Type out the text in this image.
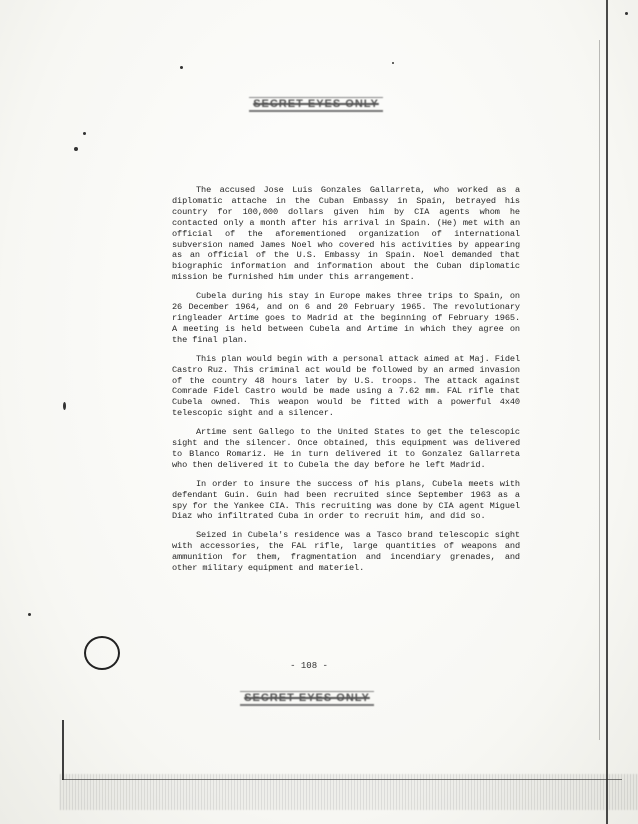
SECRET EYES ONLY

The accused Jose Luis Gonzales Gallarreta, who worked as a diplomatic attache in the Cuban Embassy in Spain, betrayed his country for 100,000 dollars given him by CIA agents whom he contacted only a month after his arrival in Spain. (He) met with an official of the aforementioned organization of international subversion named James Noel who covered his activities by appearing as an official of the U.S. Embassy in Spain. Noel demanded that biographic information and information about the Cuban diplomatic mission be furnished him under this arrangement.

Cubela during his stay in Europe makes three trips to Spain, on 26 December 1964, and on 6 and 20 February 1965. The revolutionary ringleader Artime goes to Madrid at the beginning of February 1965. A meeting is held between Cubela and Artime in which they agree on the final plan.

This plan would begin with a personal attack aimed at Maj. Fidel Castro Ruz. This criminal act would be followed by an armed invasion of the country 48 hours later by U.S. troops. The attack against Comrade Fidel Castro would be made using a 7.62 mm. FAL rifle that Cubela owned. This weapon would be fitted with a powerful 4x40 telescopic sight and a silencer.

Artime sent Gallego to the United States to get the telescopic sight and the silencer. Once obtained, this equipment was delivered to Blanco Romariz. He in turn delivered it to Gonzalez Gallarreta who then delivered it to Cubela the day before he left Madrid.

In order to insure the success of his plans, Cubela meets with defendant Guin. Guin had been recruited since September 1963 as a spy for the Yankee CIA. This recruiting was done by CIA agent Miguel Diaz who infiltrated Cuba in order to recruit him, and did so.

Seized in Cubela's residence was a Tasco brand telescopic sight with accessories, the FAL rifle, large quantities of weapons and ammunition for them, fragmentation and incendiary grenades, and other military equipment and materiel.

- 108 -
SECRET EYES ONLY
